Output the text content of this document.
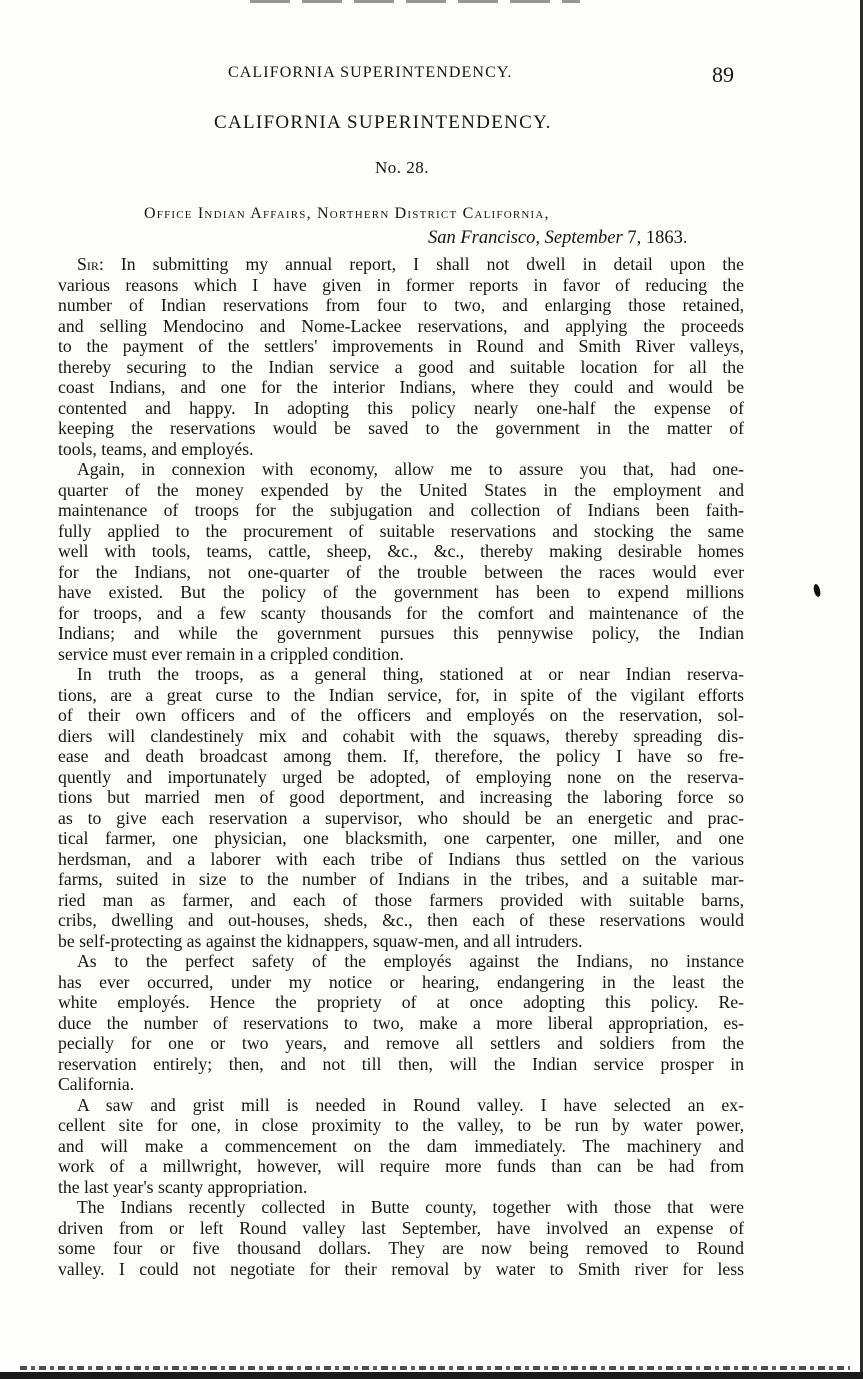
CALIFORNIA SUPERINTENDENCY.	89
CALIFORNIA SUPERINTENDENCY.
No. 28.
Office Indian Affairs, Northern District California,
San Francisco, September 7, 1863.
Sir: In submitting my annual report, I shall not dwell in detail upon the
various reasons which I have given in former reports in favor of reducing the
number of Indian reservations from four to two, and enlarging those retained,
and selling Mendocino and Nome-Lackee reservations, and applying the proceeds
to the payment of the settlers' improvements in Round and Smith River valleys,
thereby securing to the Indian service a good and suitable location for all the
coast Indians, and one for the interior Indians, where they could and would be
contented and happy. In adopting this policy nearly one-half the expense of
keeping the reservations would be saved to the government in the matter of
tools, teams, and employés.
Again, in connexion with economy, allow me to assure you that, had one-
quarter of the money expended by the United States in the employment and
maintenance of troops for the subjugation and collection of Indians been faith-
fully applied to the procurement of suitable reservations and stocking the same
well with tools, teams, cattle, sheep, &c., &c., thereby making desirable homes
for the Indians, not one-quarter of the trouble between the races would ever
have existed. But the policy of the government has been to expend millions
for troops, and a few scanty thousands for the comfort and maintenance of the
Indians; and while the government pursues this pennywise policy, the Indian
service must ever remain in a crippled condition.
In truth the troops, as a general thing, stationed at or near Indian reserva-
tions, are a great curse to the Indian service, for, in spite of the vigilant efforts
of their own officers and of the officers and employés on the reservation, sol-
diers will clandestinely mix and cohabit with the squaws, thereby spreading dis-
ease and death broadcast among them. If, therefore, the policy I have so fre-
quently and importunately urged be adopted, of employing none on the reserva-
tions but married men of good deportment, and increasing the laboring force so
as to give each reservation a supervisor, who should be an energetic and prac-
tical farmer, one physician, one blacksmith, one carpenter, one miller, and one
herdsman, and a laborer with each tribe of Indians thus settled on the various
farms, suited in size to the number of Indians in the tribes, and a suitable mar-
ried man as farmer, and each of those farmers provided with suitable barns,
cribs, dwelling and out-houses, sheds, &c., then each of these reservations would
be self-protecting as against the kidnappers, squaw-men, and all intruders.
As to the perfect safety of the employés against the Indians, no instance
has ever occurred, under my notice or hearing, endangering in the least the
white employés. Hence the propriety of at once adopting this policy. Re-
duce the number of reservations to two, make a more liberal appropriation, es-
pecially for one or two years, and remove all settlers and soldiers from the
reservation entirely; then, and not till then, will the Indian service prosper in
California.
A saw and grist mill is needed in Round valley. I have selected an ex-
cellent site for one, in close proximity to the valley, to be run by water power,
and will make a commencement on the dam immediately. The machinery and
work of a millwright, however, will require more funds than can be had from
the last year's scanty appropriation.
The Indians recently collected in Butte county, together with those that were
driven from or left Round valley last September, have involved an expense of
some four or five thousand dollars. They are now being removed to Round
valley. I could not negotiate for their removal by water to Smith river for less
